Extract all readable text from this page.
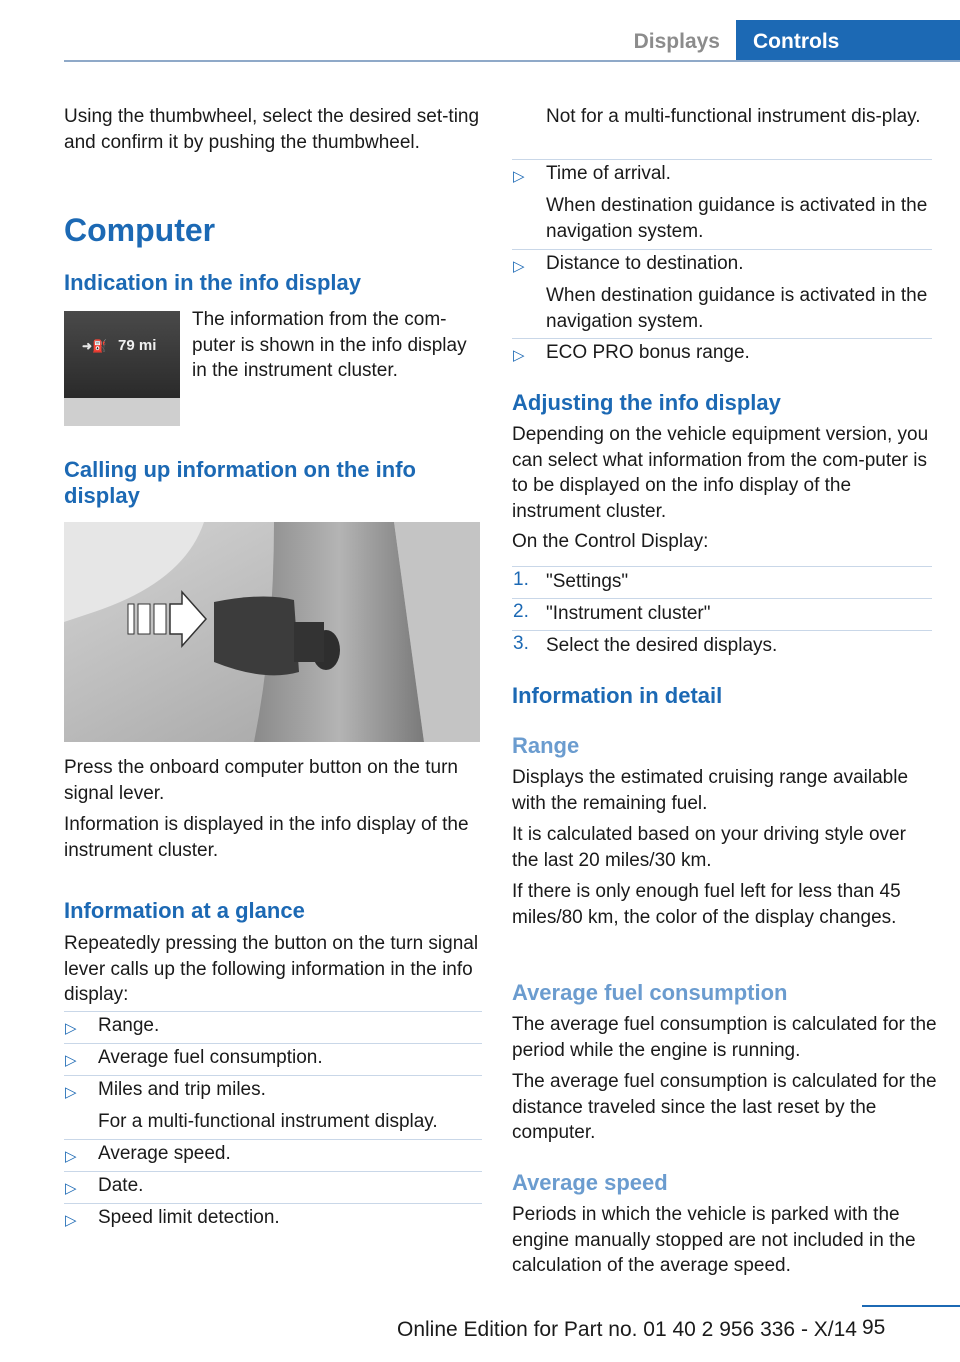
Displays	Controls

Using the thumbwheel, select the desired set‐ting and confirm it by pushing the thumbwheel.

Computer
Indication in the info display
➜⛽ 79 mi

The information from the com‐puter is shown in the info display in the instrument cluster.

Calling up information on the info display

Press the onboard computer button on the turn signal lever.

Information is displayed in the info display of the instrument cluster.

Information at a glance

Repeatedly pressing the button on the turn signal lever calls up the following information in the info display:

▷ Range.
▷ Average fuel consumption.
▷ Miles and trip miles.
For a multi-functional instrument display.
▷ Average speed.
▷ Date.
▷ Speed limit detection.

Not for a multi-functional instrument dis‐play.

▷ Time of arrival.
When destination guidance is activated in the navigation system.
▷ Distance to destination.
When destination guidance is activated in the navigation system.
▷ ECO PRO bonus range.
Adjusting the info display

Depending on the vehicle equipment version, you can select what information from the com‐puter is to be displayed on the info display of the instrument cluster.

On the Control Display:

1. "Settings"
2. "Instrument cluster"
3. Select the desired displays.
Information in detail
Range

Displays the estimated cruising range available with the remaining fuel.

It is calculated based on your driving style over the last 20 miles/30 km.

If there is only enough fuel left for less than 45 miles/80 km, the color of the display changes.

Average fuel consumption

The average fuel consumption is calculated for the period while the engine is running.

The average fuel consumption is calculated for the distance traveled since the last reset by the computer.

Average speed

Periods in which the vehicle is parked with the engine manually stopped are not included in the calculation of the average speed.

95
Online Edition for Part no. 01 40 2 956 336 - X/14
